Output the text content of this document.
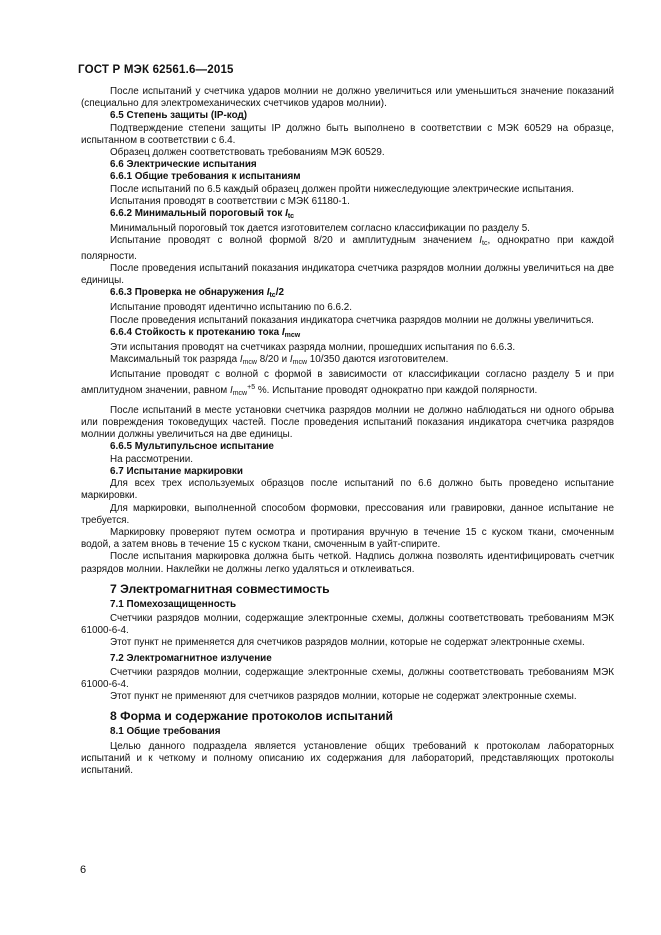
ГОСТ Р МЭК 62561.6—2015

После испытаний у счетчика ударов молнии не должно увеличиться или уменьшиться значение показаний (специально для электромеханических счетчиков ударов молнии).

6.5 Степень защиты (IP-код)

Подтверждение степени защиты IP должно быть выполнено в соответствии с МЭК 60529 на образце, испытанном в соответствии с 6.4.

Образец должен соответствовать требованиям МЭК 60529.

6.6 Электрические испытания

6.6.1 Общие требования к испытаниям

После испытаний по 6.5 каждый образец должен пройти нижеследующие электрические испытания.

Испытания проводят в соответствии с МЭК 61180-1.

6.6.2 Минимальный пороговый ток $I_{tc}$

Минимальный пороговый ток дается изготовителем согласно классификации по разделу 5.

Испытание проводят с волной формой 8/20 и амплитудным значением $I_{tc}$, однократно при каждой полярности.

После проведения испытаний показания индикатора счетчика разрядов молнии должны увеличиться на две единицы.

6.6.3 Проверка не обнаружения $I_{tc}/2$

Испытание проводят идентично испытанию по 6.6.2.

После проведения испытаний показания индикатора счетчика разрядов молнии не должны увеличиться.

6.6.4 Стойкость к протеканию тока $I_{mcw}$

Эти испытания проводят на счетчиках разряда молнии, прошедших испытания по 6.6.3.

Максимальный ток разряда $I_{mcw}$ 8/20 и $I_{mcw}$ 10/350 даются изготовителем.

Испытание проводят с волной с формой в зависимости от классификации согласно разделу 5 и при амплитудном значении, равном $I_{mcw}^{+5}$ %. Испытание проводят однократно при каждой полярности.

После испытаний в месте установки счетчика разрядов молнии не должно наблюдаться ни одного обрыва или повреждения токоведущих частей. После проведения испытаний показания индикатора счетчика разрядов молнии должны увеличиться на две единицы.

6.6.5 Мультипульсное испытание

На рассмотрении.

6.7 Испытание маркировки

Для всех трех используемых образцов после испытаний по 6.6 должно быть проведено испытание маркировки.

Для маркировки, выполненной способом формовки, прессования или гравировки, данное испытание не требуется.

Маркировку проверяют путем осмотра и протирания вручную в течение 15 с куском ткани, смоченным водой, а затем вновь в течение 15 с куском ткани, смоченным в уайт-спирите.

После испытания маркировка должна быть четкой. Надпись должна позволять идентифицировать счетчик разрядов молнии. Наклейки не должны легко удаляться и отклеиваться.

7 Электромагнитная совместимость

7.1 Помехозащищенность

Счетчики разрядов молнии, содержащие электронные схемы, должны соответствовать требованиям МЭК 61000-6-4.

Этот пункт не применяется для счетчиков разрядов молнии, которые не содержат электронные схемы.

7.2 Электромагнитное излучение

Счетчики разрядов молнии, содержащие электронные схемы, должны соответствовать требованиям МЭК 61000-6-4.

Этот пункт не применяют для счетчиков разрядов молнии, которые не содержат электронные схемы.

8 Форма и содержание протоколов испытаний

8.1 Общие требования

Целью данного подраздела является установление общих требований к протоколам лабораторных испытаний и к четкому и полному описанию их содержания для лабораторий, представляющих протоколы испытаний.

6
